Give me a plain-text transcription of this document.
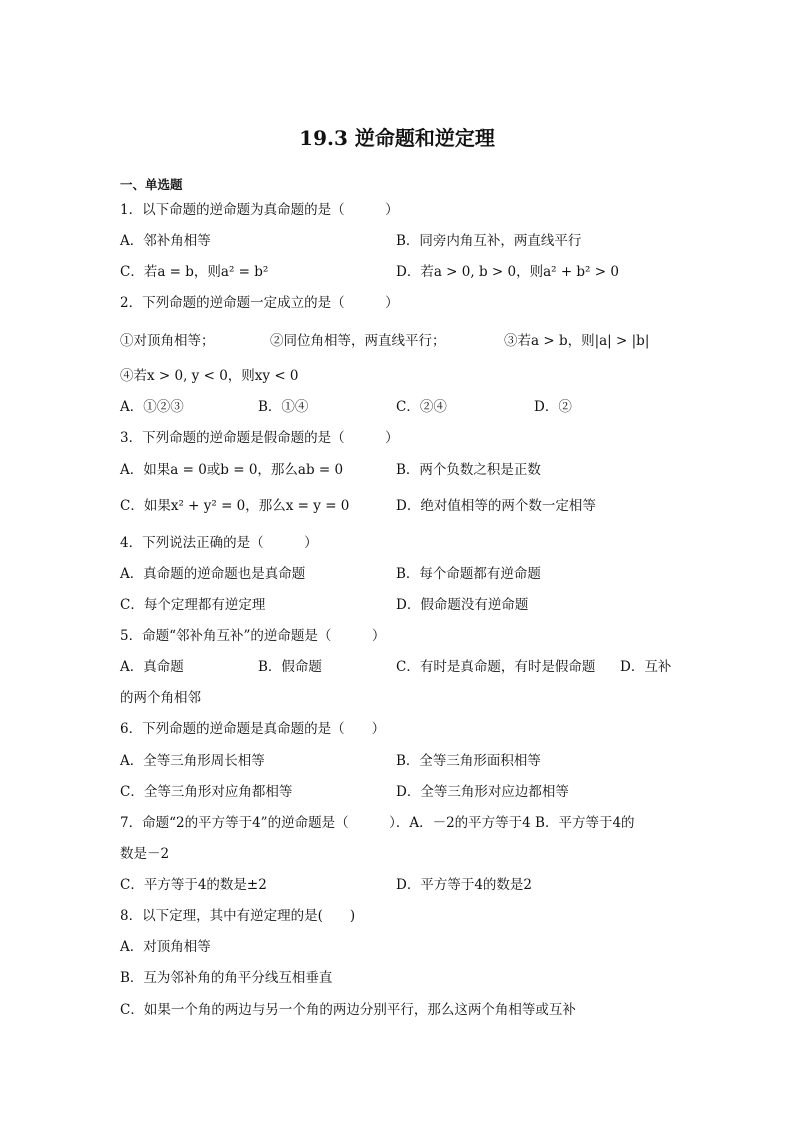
19.3 逆命题和逆定理
一、单选题
1．以下命题的逆命题为真命题的是（　　　）
A．邻补角相等	B．同旁内角互补，两直线平行
C．若a = b，则a² = b²	D．若a > 0, b > 0，则a² + b² > 0
2．下列命题的逆命题一定成立的是（　　　）
①对顶角相等；	②同位角相等，两直线平行；	③若a > b，则|a| > |b|
④若x > 0, y < 0，则xy < 0
A．①②③	B．①④	C．②④	D．②
3．下列命题的逆命题是假命题的是（　　　）
A．如果a = 0或b = 0，那么ab = 0	B．两个负数之积是正数
C．如果x² + y² = 0，那么x = y = 0	D．绝对值相等的两个数一定相等
4．下列说法正确的是（　　　）
A．真命题的逆命题也是真命题	B．每个命题都有逆命题
C．每个定理都有逆定理	D．假命题没有逆命题
5．命题“邻补角互补”的逆命题是（　　　）
A．真命题	B．假命题	C．有时是真命题，有时是假命题 D．互补
的两个角相邻
6．下列命题的逆命题是真命题的是（　　）
A．全等三角形周长相等	B．全等三角形面积相等
C．全等三角形对应角都相等	D．全等三角形对应边都相等
7．命题“2的平方等于4”的逆命题是（　　　）．A．－2的平方等于4 B．平方等于4的
数是－2
C．平方等于4的数是±2	D．平方等于4的数是2
8．以下定理，其中有逆定理的是(　　)
A．对顶角相等
B．互为邻补角的角平分线互相垂直
C．如果一个角的两边与另一个角的两边分别平行，那么这两个角相等或互补
